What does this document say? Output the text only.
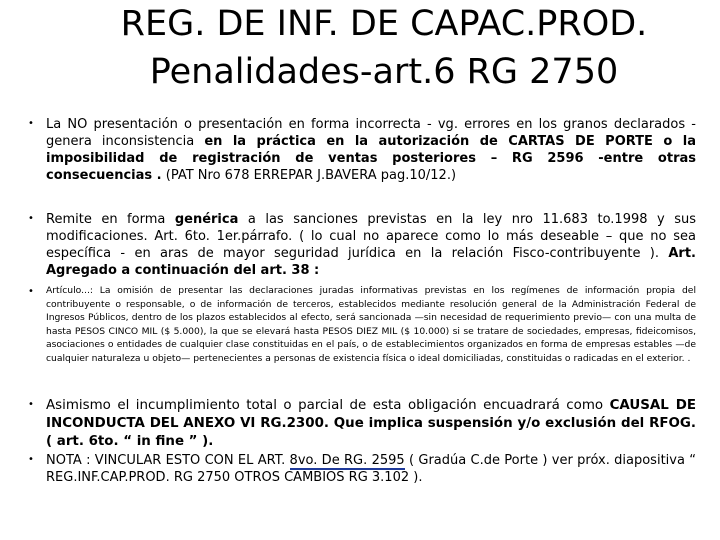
REG. DE INF. DE CAPAC.PROD.
Penalidades-art.6 RG 2750
• La NO presentación o presentación en forma incorrecta - vg. errores en los granos declarados - genera inconsistencia en la práctica en la autorización de CARTAS DE PORTE o la imposibilidad de registración de ventas posteriores – RG 2596 -entre otras consecuencias . (PAT Nro 678 ERREPAR J.BAVERA pag.10/12.)
• Remite en forma genérica a las sanciones previstas en la ley nro 11.683 to.1998 y sus modificaciones. Art. 6to. 1er.párrafo. ( lo cual no aparece como lo más deseable – que no sea específica - en aras de mayor seguridad jurídica en la relación Fisco-contribuyente ). Art. Agregado a continuación del art. 38 :
• Artículo...: La omisión de presentar las declaraciones juradas informativas previstas en los regímenes de información propia del contribuyente o responsable, o de información de terceros, establecidos mediante resolución general de la Administración Federal de Ingresos Públicos, dentro de los plazos establecidos al efecto, será sancionada —sin necesidad de requerimiento previo— con una multa de hasta PESOS CINCO MIL ($ 5.000), la que se elevará hasta PESOS DIEZ MIL ($ 10.000) si se tratare de sociedades, empresas, fideicomisos, asociaciones o entidades de cualquier clase constituidas en el país, o de establecimientos organizados en forma de empresas estables —de cualquier naturaleza u objeto— pertenecientes a personas de existencia física o ideal domiciliadas, constituidas o radicadas en el exterior. .
• Asimismo el incumplimiento total o parcial de esta obligación encuadrará como CAUSAL DE INCONDUCTA DEL ANEXO VI RG.2300. Que implica suspensión y/o exclusión del RFOG. ( art. 6to. “ in fine ” ).
• NOTA : VINCULAR ESTO CON EL ART. 8vo. De RG. 2595 ( Gradúa C.de Porte ) ver próx. diapositiva “ REG.INF.CAP.PROD. RG 2750 OTROS CAMBIOS RG 3.102 ).
